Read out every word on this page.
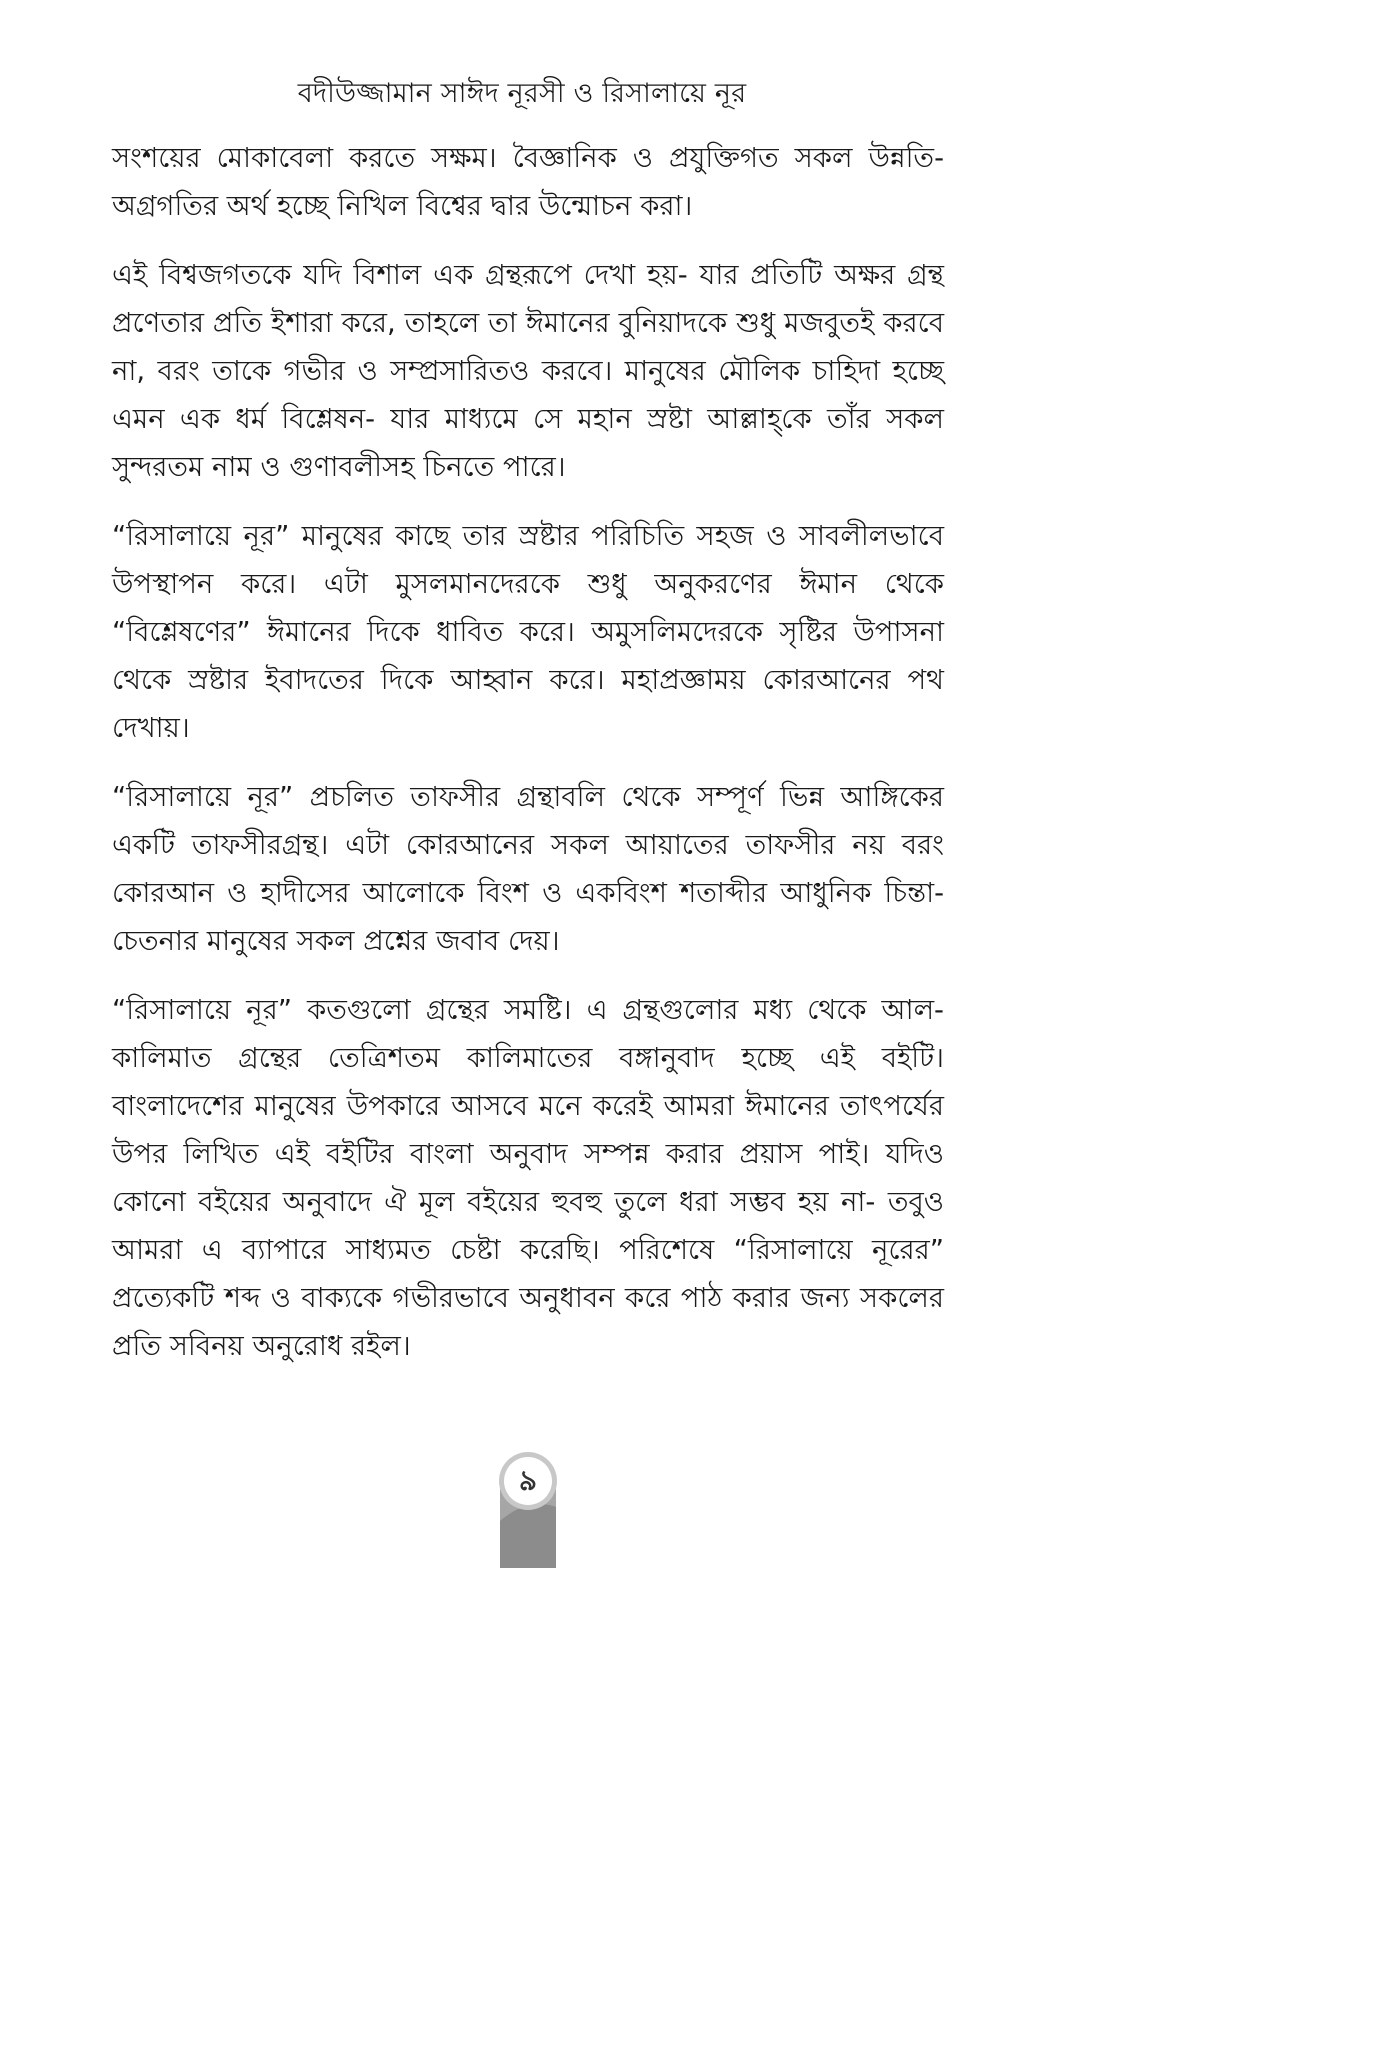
বদীউজ্জামান সাঈদ নূরসী ও রিসালায়ে নূর

সংশয়ের মোকাবেলা করতে সক্ষম। বৈজ্ঞানিক ও প্রযুক্তিগত সকল উন্নতি-অগ্রগতির অর্থ হচ্ছে নিখিল বিশ্বের দ্বার উন্মোচন করা।

এই বিশ্বজগতকে যদি বিশাল এক গ্রন্থরূপে দেখা হয়- যার প্রতিটি অক্ষর গ্রন্থ প্রণেতার প্রতি ইশারা করে, তাহলে তা ঈমানের বুনিয়াদকে শুধু মজবুতই করবে না, বরং তাকে গভীর ও সম্প্রসারিতও করবে। মানুষের মৌলিক চাহিদা হচ্ছে এমন এক ধর্ম বিশ্লেষন- যার মাধ্যমে সে মহান স্রষ্টা আল্লাহ্‌কে তাঁর সকল সুন্দরতম নাম ও গুণাবলীসহ চিনতে পারে।

“রিসালায়ে নূর” মানুষের কাছে তার স্রষ্টার পরিচিতি সহজ ও সাবলীলভাবে উপস্থাপন করে। এটা মুসলমানদেরকে শুধু অনুকরণের ঈমান থেকে “বিশ্লেষণের” ঈমানের দিকে ধাবিত করে। অমুসলিমদেরকে সৃষ্টির উপাসনা থেকে স্রষ্টার ইবাদতের দিকে আহ্বান করে। মহাপ্রজ্ঞাময় কোরআনের পথ দেখায়।

“রিসালায়ে নূর” প্রচলিত তাফসীর গ্রন্থাবলি থেকে সম্পূর্ণ ভিন্ন আঙ্গিকের একটি তাফসীরগ্রন্থ। এটা কোরআনের সকল আয়াতের তাফসীর নয় বরং কোরআন ও হাদীসের আলোকে বিংশ ও একবিংশ শতাব্দীর আধুনিক চিন্তা-চেতনার মানুষের সকল প্রশ্নের জবাব দেয়।

“রিসালায়ে নূর” কতগুলো গ্রন্থের সমষ্টি। এ গ্রন্থগুলোর মধ্য থেকে আল-কালিমাত গ্রন্থের তেত্রিশতম কালিমাতের বঙ্গানুবাদ হচ্ছে এই বইটি। বাংলাদেশের মানুষের উপকারে আসবে মনে করেই আমরা ঈমানের তাৎপর্যের উপর লিখিত এই বইটির বাংলা অনুবাদ সম্পন্ন করার প্রয়াস পাই। যদিও কোনো বইয়ের অনুবাদে ঐ মূল বইয়ের হুবহু তুলে ধরা সম্ভব হয় না- তবুও আমরা এ ব্যাপারে সাধ্যমত চেষ্টা করেছি। পরিশেষে “রিসালায়ে নূরের” প্রত্যেকটি শব্দ ও বাক্যকে গভীরভাবে অনুধাবন করে পাঠ করার জন্য সকলের প্রতি সবিনয় অনুরোধ রইল।

৯
